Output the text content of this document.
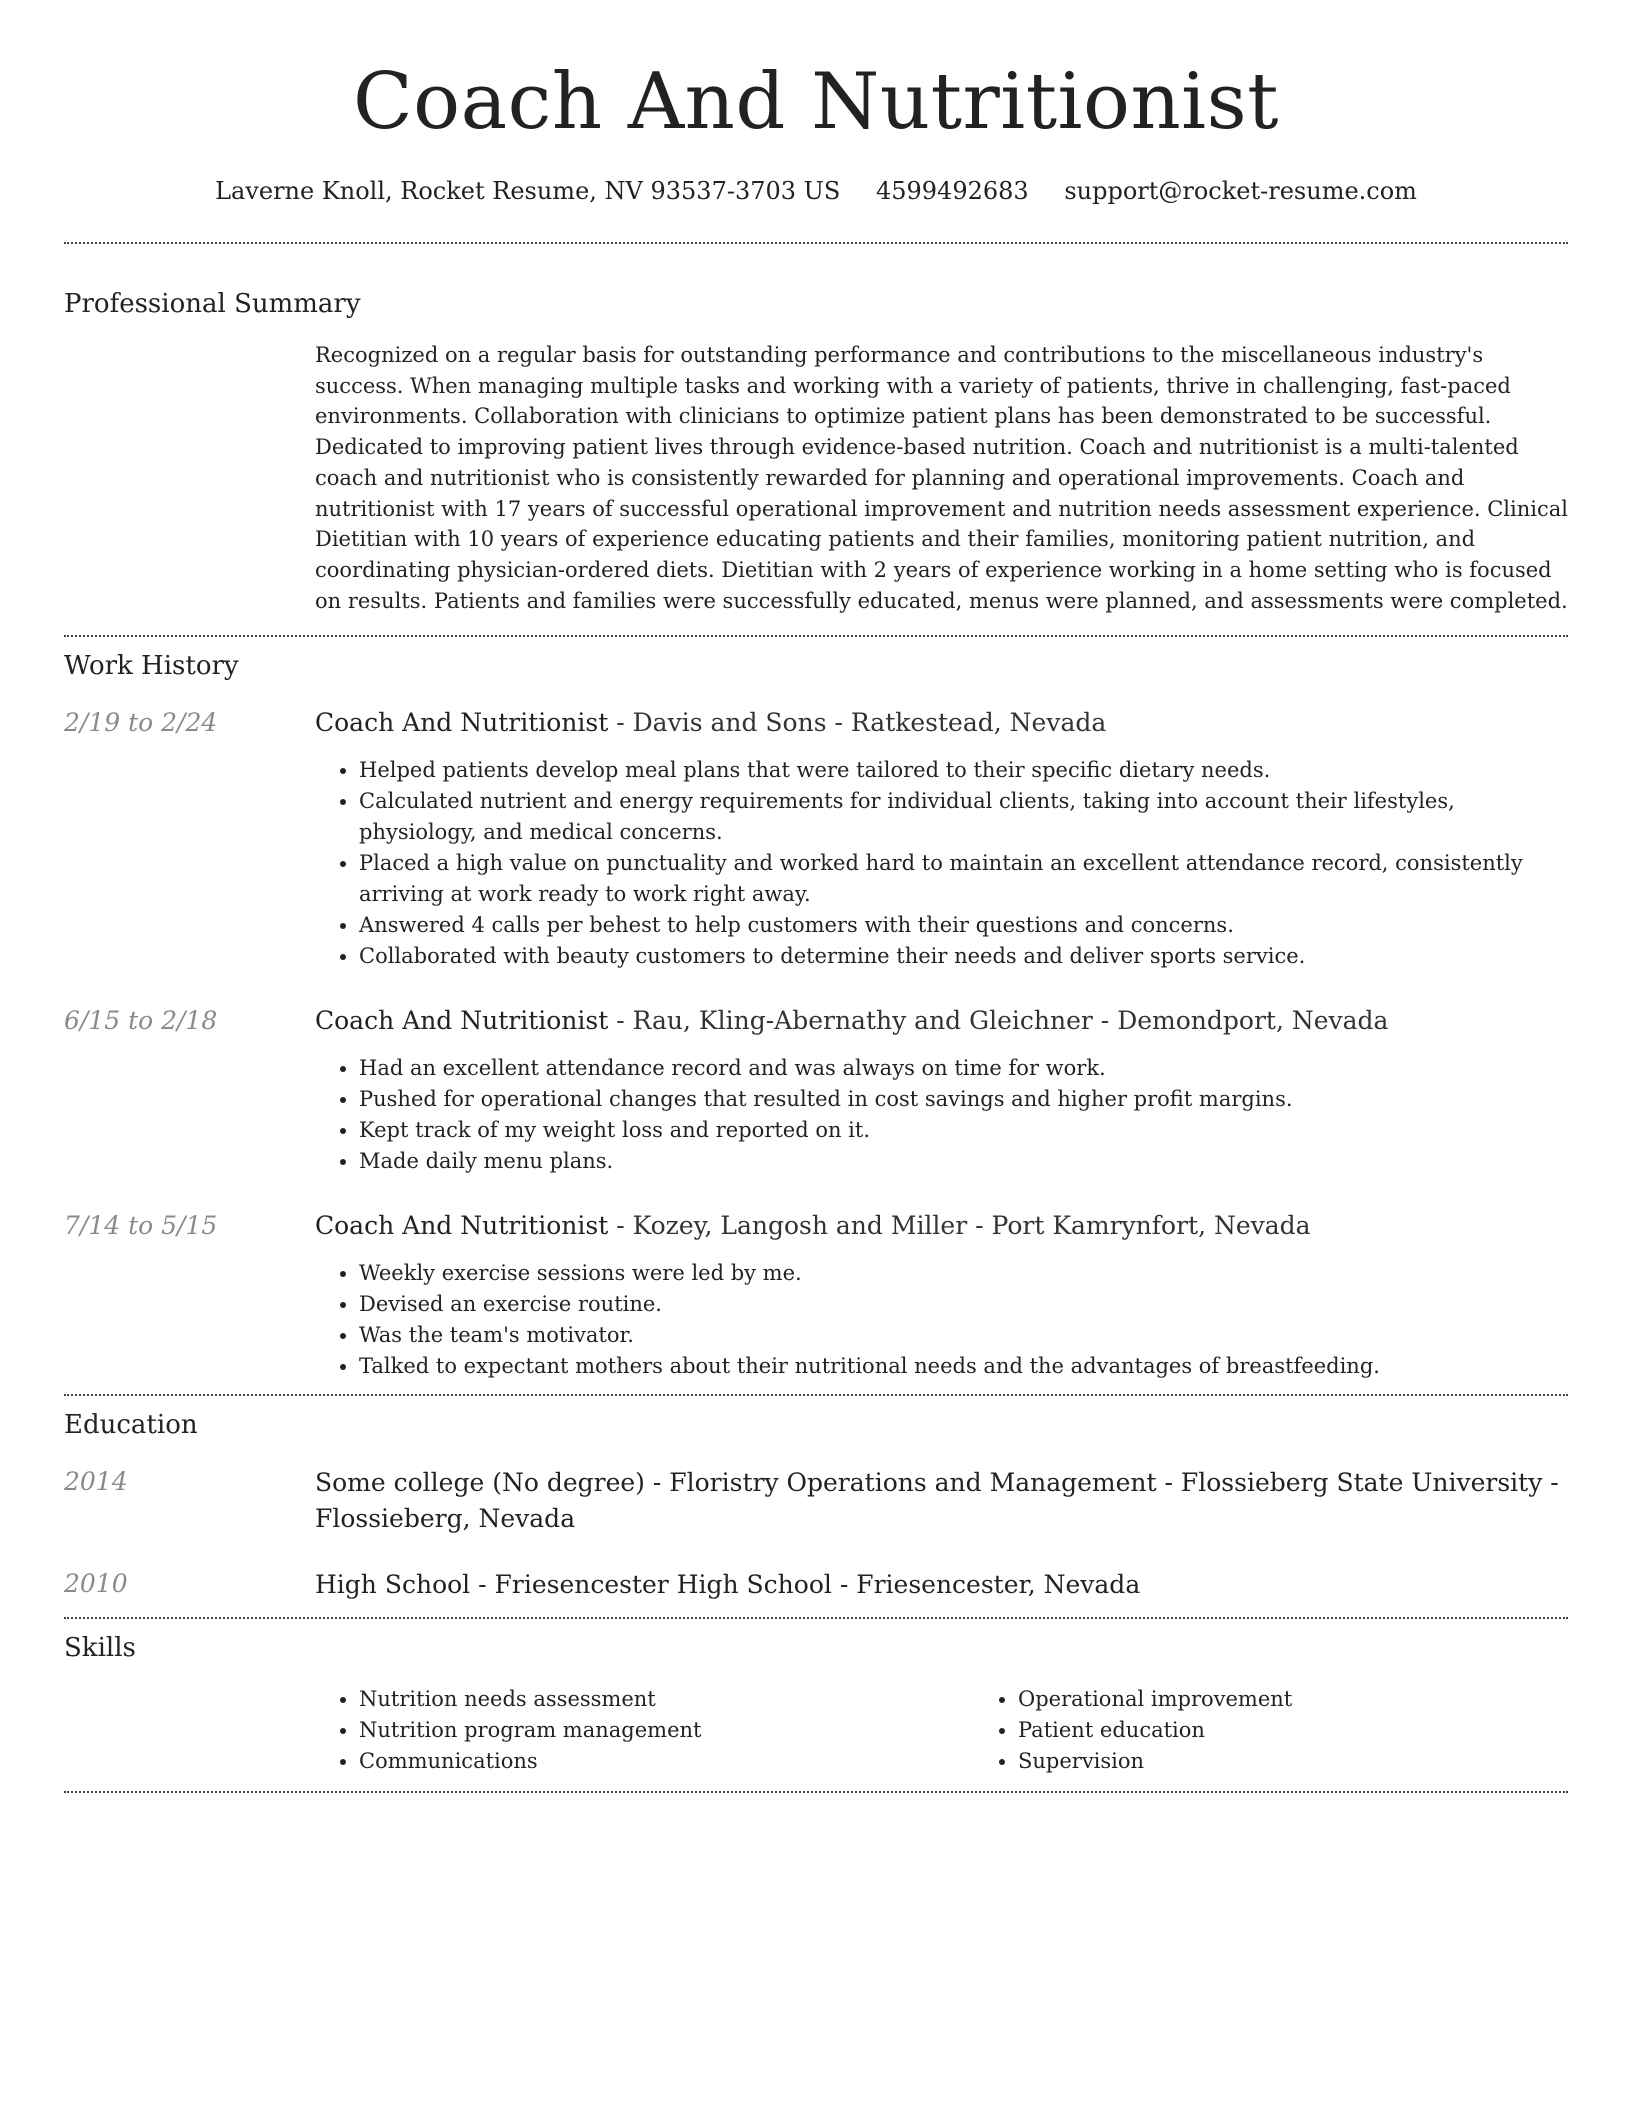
Coach And Nutritionist
Laverne Knoll, Rocket Resume, NV 93537-3703 US 4599492683 support@rocket-resume.com
Professional Summary

Recognized on a regular basis for outstanding performance and contributions to the miscellaneous industry's success. When managing multiple tasks and working with a variety of patients, thrive in challenging, fast-paced environments. Collaboration with clinicians to optimize patient plans has been demonstrated to be successful. Dedicated to improving patient lives through evidence-based nutrition. Coach and nutritionist is a multi-talented coach and nutritionist who is consistently rewarded for planning and operational improvements. Coach and nutritionist with 17 years of successful operational improvement and nutrition needs assessment experience. Clinical Dietitian with 10 years of experience educating patients and their families, monitoring patient nutrition, and coordinating physician-ordered diets. Dietitian with 2 years of experience working in a home setting who is focused on results. Patients and families were successfully educated, menus were planned, and assessments were completed.

Work History
2/19 to 2/24	Coach And Nutritionist - Davis and Sons - Ratkestead, Nevada
• Helped patients develop meal plans that were tailored to their specific dietary needs.
• Calculated nutrient and energy requirements for individual clients, taking into account their lifestyles, physiology, and medical concerns.
• Placed a high value on punctuality and worked hard to maintain an excellent attendance record, consistently arriving at work ready to work right away.
• Answered 4 calls per behest to help customers with their questions and concerns.
• Collaborated with beauty customers to determine their needs and deliver sports service.
6/15 to 2/18	Coach And Nutritionist - Rau, Kling-Abernathy and Gleichner - Demondport, Nevada
• Had an excellent attendance record and was always on time for work.
• Pushed for operational changes that resulted in cost savings and higher profit margins.
• Kept track of my weight loss and reported on it.
• Made daily menu plans.
7/14 to 5/15	Coach And Nutritionist - Kozey, Langosh and Miller - Port Kamrynfort, Nevada
• Weekly exercise sessions were led by me.
• Devised an exercise routine.
• Was the team's motivator.
• Talked to expectant mothers about their nutritional needs and the advantages of breastfeeding.
Education
2014	Some college (No degree) - Floristry Operations and Management - Flossieberg State University - Flossieberg, Nevada
2010	High School - Friesencester High School - Friesencester, Nevada
Skills
• Nutrition needs assessment
• Nutrition program management
• Communications
• Operational improvement
• Patient education
• Supervision
